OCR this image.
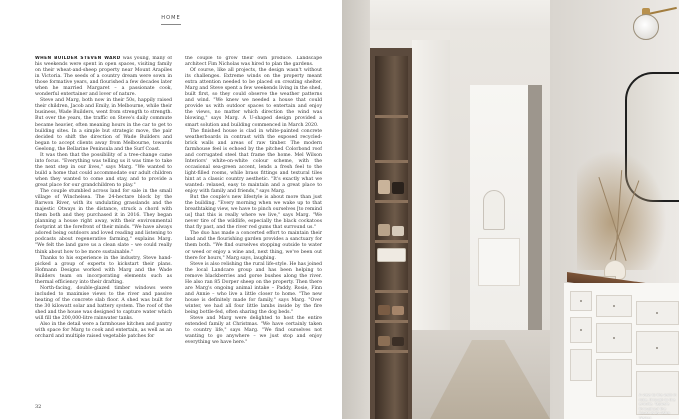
HOME

WHEN BUILDER STEVEN WARD was young, many of his weekends were spent in open spaces, visiting family on their wheat-and-sheep property near Mount Arapiles in Victoria. The seeds of a country dream were sown in those formative years, and flourished a few decades later when he married Margaret – a passionate cook, wonderful entertainer and lover of nature.

Steve and Marg, both now in their 50s, happily raised their children, Jacob and Emily, in Melbourne, while their business, Wade Builders, went from strength to strength. But over the years, the traffic on Steve's daily commute became heavier, often meaning hours in the car to get to building sites. In a simple but strategic move, the pair decided to shift the direction of Wade Builders and began to accept clients away from Melbourne, towards Geelong, the Bellarine Peninsula and the Surf Coast.

It was then that the possibility of a tree-change came into focus. "Everything was telling us it was time to take the next step in our lives," says Marg. "We wanted to build a home that could accommodate our adult children when they wanted to come and stay, and to provide a great place for our grandchildren to play."

The couple stumbled across land for sale in the small village of Winchelsea. The 24-hectare block by the Barwon River, with its undulating grasslands and the majestic Otways in the distance, struck a chord with them both and they purchased it in 2016. They began planning a house right away, with their environmental footprint at the forefront of their minds. "We have always adored being outdoors and loved reading and listening to podcasts about regenerative farming," explains Marg. "We felt the land gave us a clean slate – we could really think about how to be more sustainable."

Thanks to his experience in the industry, Steve hand-picked a group of experts to kickstart their plans. Hofmann Designs worked with Marg and the Wade Builders team on incorporating elements such as thermal efficiency into their drafting.

North-facing, double-glazed timber windows were included to maximise views to the river and passive heating of the concrete slab floor. A shed was built for the 30 kilowatt solar and battery system. The roof of the shed and the house was designed to capture water which will fill the 200,000-litre rainwater tanks.

Also in the detail were a farmhouse kitchen and pantry with space for Marg to cook and entertain, as well as an orchard and multiple raised vegetable patches for

the couple to grow their own produce. Landscape architect Fim Nicholas was hired to plan the gardens.

Of course, like all projects, the design wasn't without its challenges. Extreme winds on the property meant extra attention needed to be placed on creating shelter. Marg and Steve spent a few weekends living in the shed, built first, so they could observe the weather patterns and wind. "We knew we needed a house that could provide us with outdoor spaces to entertain and enjoy the views, no matter which direction the wind was blowing," says Marg. A U-shaped design provided a smart solution and building commenced in March 2020.

The finished house is clad in white-painted concrete weatherboards in contrast with the exposed recycled-brick walls and areas of raw timber. The modern farmhouse feel is echoed by the pitched Colorbond roof and corrugated steel that frame the home. Mel Wilson Interiors' white-on-white colour scheme, with the occasional sea-green accent, lends a fresh feel to the light-filled rooms, while brass fittings and textural tiles hint at a classic country aesthetic. "It's exactly what we wanted: relaxed, easy to maintain and a great place to enjoy with family and friends," says Marg.

But the couple's new lifestyle is about more than just the building. "Every morning when we wake up to that breathtaking view, we have to pinch ourselves [to remind us] that this is really where we live," says Marg. "We never tire of the wildlife, especially the black cockatoos that fly past, and the river red gums that surround us."

The duo has made a concerted effort to maintain their land and the flourishing garden provides a sanctuary for them both. "We find ourselves stopping outside to water or weed or enjoy a wine and, next thing, we've been out there for hours," Marg says, laughing.

Steve is also relishing the rural life-style. He has joined the local Landcare group and has been helping to remove blackberries and gorse bushes along the river. He also ran 85 Dorper sheep on the property. Then there are Marg's ongoing animal intake – Paddy, Rosie, Finn and Annie – who live a little closer to home. "The new house is definitely made for family," says Marg. "Over winter, we had all four little lambs inside by the fire being bottle-fed, often sharing the dog beds."

Steve and Marg were delighted to host the entire extended family at Christmas. "We have certainly taken to country life," says Marg. "We find ourselves not wanting to go anywhere – we just stop and enjoy everything we have here."

32
A view to the walk-in robe, through to the ensuite. Tapware throughout the house is by Astra Walker.
